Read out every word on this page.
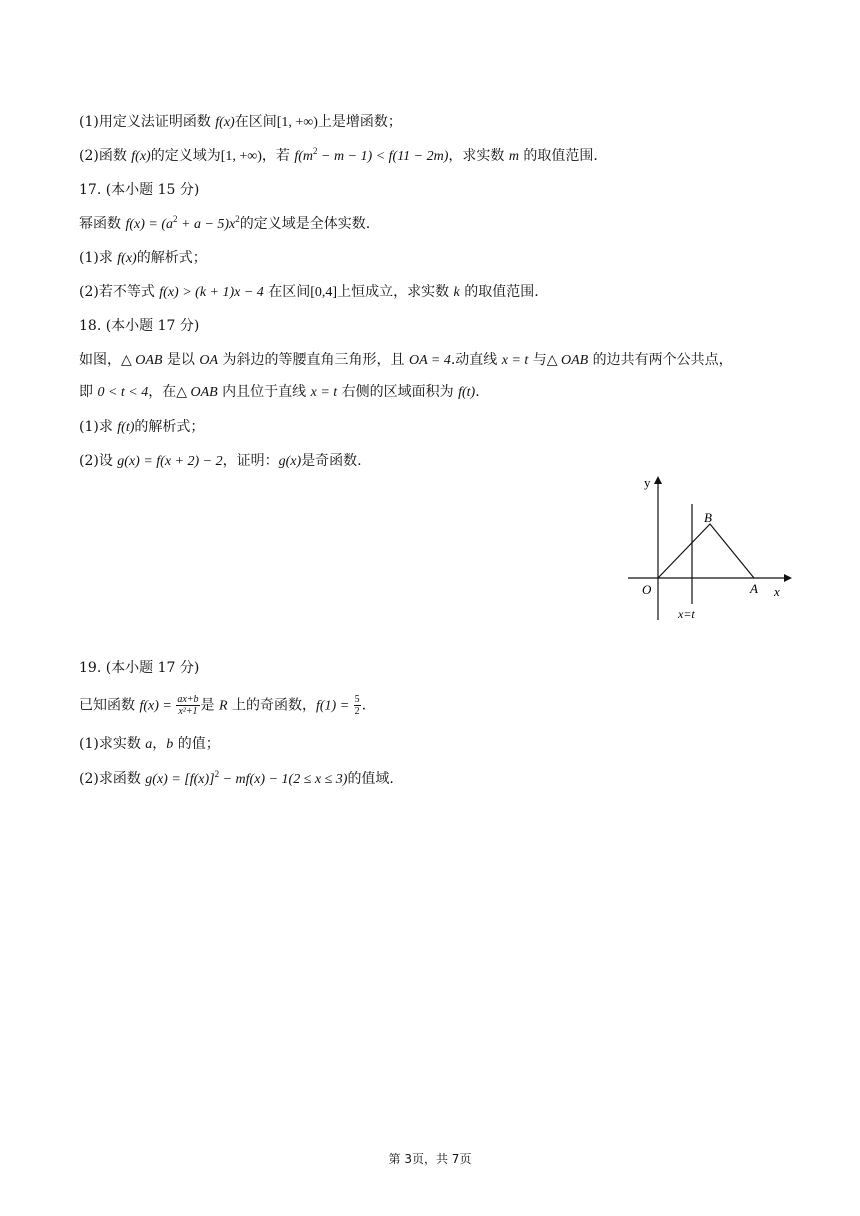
(1)用定义法证明函数 f(x)在区间[1, +∞)上是增函数；
(2)函数 f(x)的定义域为[1, +∞)，若 $f(m^2 - m - 1) < f(11 - 2m)$，求实数 m 的取值范围.
17. (本小题 15 分)
幂函数 $f(x) = (a^2 + a - 5)x^2$的定义域是全体实数.
(1)求 f(x)的解析式；
(2)若不等式 f(x) > (k + 1)x − 4 在区间[0,4]上恒成立，求实数 k 的取值范围.
18. (本小题 17 分)
如图，△ OAB 是以 OA 为斜边的等腰直角三角形，且 OA = 4.动直线 x = t 与△ OAB 的边共有两个公共点，
即 0 < t < 4，在△ OAB 内且位于直线 x = t 右侧的区域面积为 f(t).
(1)求 f(t)的解析式；
(2)设 g(x) = f(x + 2) − 2，证明：g(x)是奇函数.
y
x
O	A
B
x=t
19. (本小题 17 分)
已知函数 $f(x) = \frac{ax+b}{\text{x²+1}}$ 是 R 上的奇函数，$f(1) = \frac{5}{2}$ .
(1)求实数 a，b 的值；
(2)求函数 $g(x) = [f(x)]^2 - mf(x) - 1(2 \le x \le 3)$的值域.
第 3页，共 7页
